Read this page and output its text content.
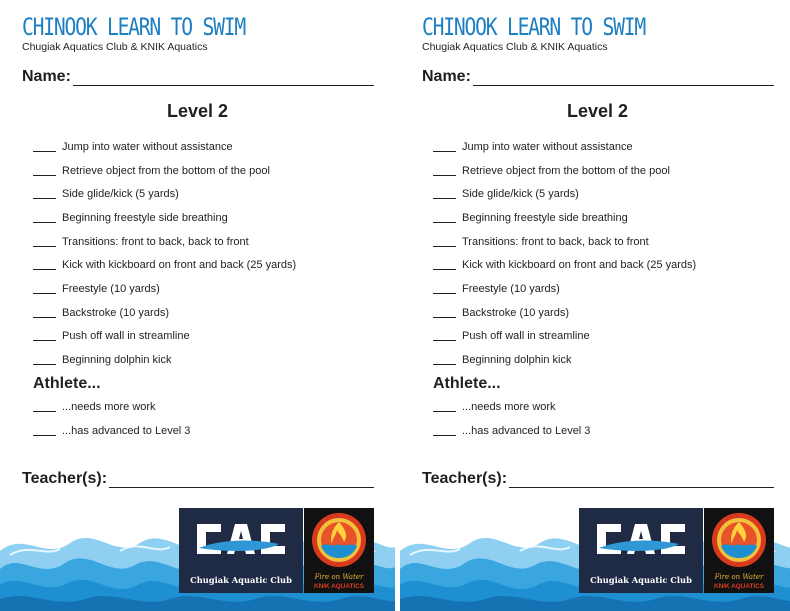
CHINOOK LEARN TO SWIM
Chugiak Aquatics Club & KNIK Aquatics
Name:
Level 2
Jump into water without assistance
Retrieve object from the bottom of the pool
Side glide/kick (5 yards)
Beginning freestyle side breathing
Transitions: front to back, back to front
Kick with kickboard on front and back (25 yards)
Freestyle (10 yards)
Backstroke (10 yards)
Push off wall in streamline
Beginning dolphin kick
Athlete...
...needs more work
...has advanced to Level 3
Teacher(s):
Chugiak Aquatic Club	Fire on Water
KNIK AQUATICS
CHINOOK LEARN TO SWIM
Chugiak Aquatics Club & KNIK Aquatics
Name:
Level 2
Jump into water without assistance
Retrieve object from the bottom of the pool
Side glide/kick (5 yards)
Beginning freestyle side breathing
Transitions: front to back, back to front
Kick with kickboard on front and back (25 yards)
Freestyle (10 yards)
Backstroke (10 yards)
Push off wall in streamline
Beginning dolphin kick
Athlete...
...needs more work
...has advanced to Level 3
Teacher(s):
Chugiak Aquatic Club	Fire on Water
KNIK AQUATICS
